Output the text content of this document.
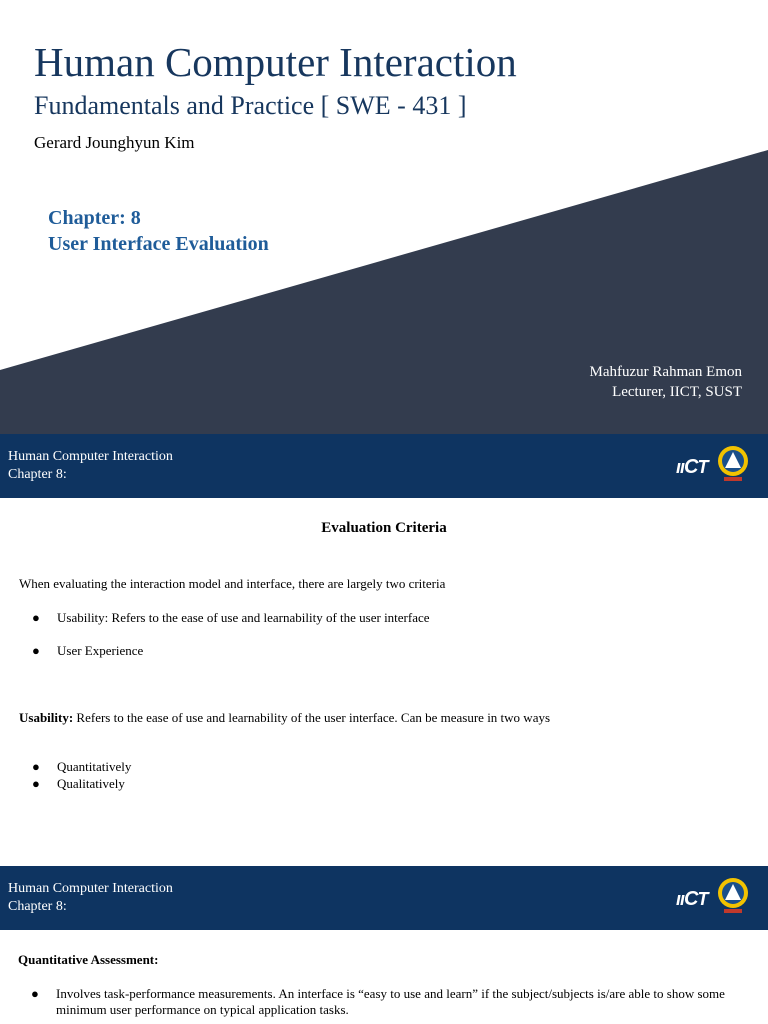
Human Computer Interaction
Fundamentals and Practice [ SWE - 431 ]
Gerard Jounghyun Kim
Chapter: 8
User Interface Evaluation
Mahfuzur Rahman Emon
Lecturer, IICT, SUST
Human Computer Interaction
Chapter 8:	ııCT
Evaluation Criteria
When evaluating the interaction model and interface, there are largely two criteria
● Usability: Refers to the ease of use and learnability of the user interface
● User Experience
Usability: Refers to the ease of use and learnability of the user interface. Can be measure in two ways
● Quantitatively
● Qualitatively
Human Computer Interaction
Chapter 8:	ııCT
Quantitative Assessment:
● Involves task-performance measurements. An interface is “easy to use and learn” if the subject/subjects is/are able to show some minimum user performance on typical application tasks.
